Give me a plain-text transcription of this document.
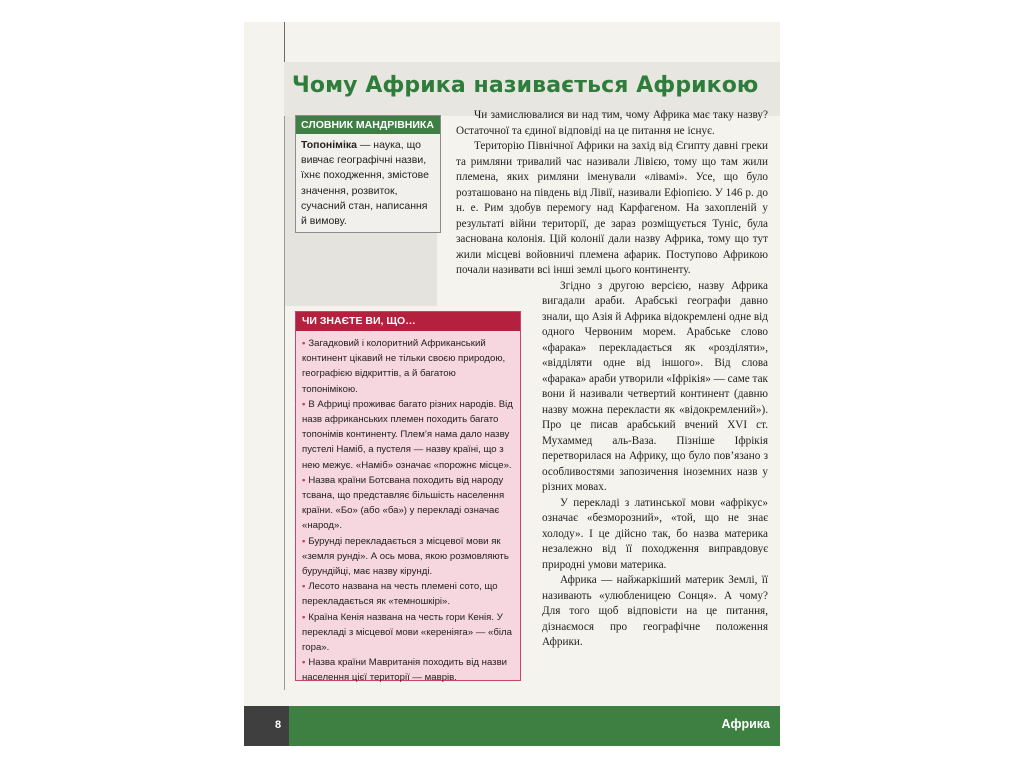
Чому Африка називається Африкою
СЛОВНИК МАНДРІВНИКА
Топоніміка — наука, що вивчає географічні назви, їхнє походження, змістове значення, розвиток, сучасний стан, написання й вимову.
ЧИ ЗНАЄТЕ ВИ, ЩО…
• Загадковий і колоритний Африканський континент цікавий не тільки своєю природою, географією відкриттів, а й багатою топонімікою.
• В Африці проживає багато різних народів. Від назв африканських племен походить багато топонімів континенту. Плем’я нама дало назву пустелі Наміб, а пустеля — назву країні, що з нею межує. «Наміб» означає «порожнє місце».
• Назва країни Ботсвана походить від народу тсвана, що представляє більшість населення країни. «Бо» (або «ба») у перекладі означає «народ».
• Бурунді перекладається з місцевої мови як «земля рунді». А ось мова, якою розмовляють бурундійці, має назву кірунді.
• Лесото названа на честь племені сото, що перекладається як «темношкірі».
• Країна Кенія названа на честь гори Кенія. У перекладі з місцевої мови «кереніяга» — «біла гора».
• Назва країни Мавританія походить від назви населення цієї території — маврів.

Чи замислювалися ви над тим, чому Африка має таку назву? Остаточної та єдиної відповіді на це питання не існує.

Територію Північної Африки на захід від Єгипту давні греки та римляни тривалий час називали Лівією, тому що там жили племена, яких римляни іменували «лівамі». Усе, що було розташовано на південь від Лівії, називали Ефіопією. У 146 р. до н. е. Рим здобув перемогу над Карфагеном. На захопленій у результаті війни території, де зараз розміщується Туніс, була заснована колонія. Цій колонії дали назву Африка, тому що тут жили місцеві войовничі племена афарик. Поступово Африкою почали називати всі інші землі цього континенту.

Згідно з другою версією, назву Африка вигадали араби. Арабські географи давно знали, що Азія й Африка відокремлені одне від одного Червоним морем. Арабське слово «фарака» перекладається як «розділяти», «відділяти одне від іншого». Від слова «фарака» араби утворили «Іфрікія» — саме так вони й називали четвертий континент (давню назву можна перекласти як «відокремлений»). Про це писав арабський вчений XVI ст. Мухаммед аль-Ваза. Пізніше Іфрікія перетворилася на Африку, що було пов’язано з особливостями запозичення іноземних назв у різних мовах.

У перекладі з латинської мови «афрікус» означає «безморозний», «той, що не знає холоду». І це дійсно так, бо назва материка незалежно від її походження виправдовує природні умови материка.

Африка — найжаркіший материк Землі, її називають «улюбленицею Сонця». А чому? Для того щоб відповісти на це питання, дізнаємося про географічне положення Африки.

8	Африка
